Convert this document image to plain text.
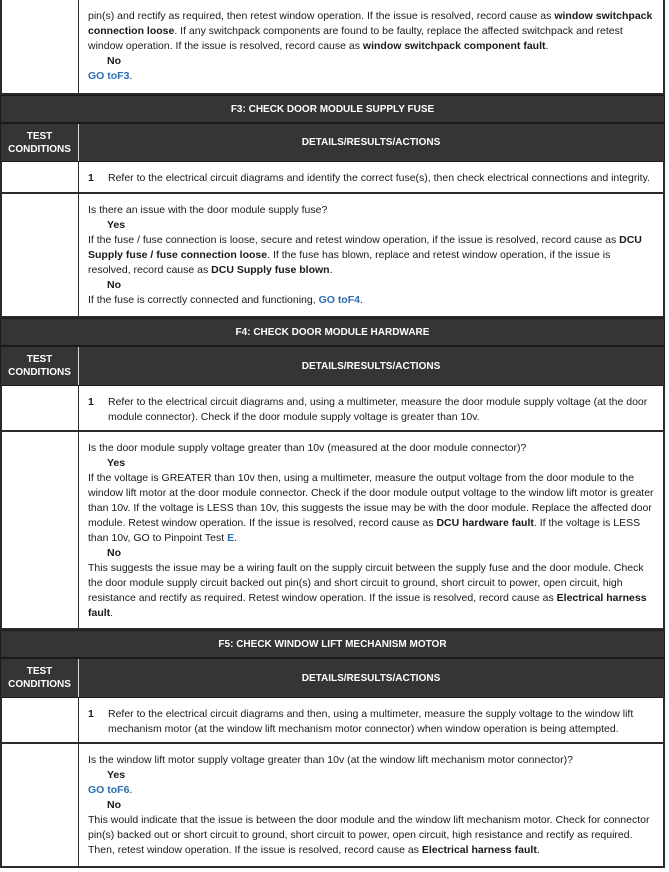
pin(s) and rectify as required, then retest window operation. If the issue is resolved, record cause as window switchpack connection loose. If any switchpack components are found to be faulty, replace the affected switchpack and retest window operation. If the issue is resolved, record cause as window switchpack component fault.

No

GO toF3.

F3: CHECK DOOR MODULE SUPPLY FUSE
TEST CONDITIONS
DETAILS/RESULTS/ACTIONS
1	Refer to the electrical circuit diagrams and identify the correct fuse(s), then check electrical connections and integrity.

Is there an issue with the door module supply fuse?

Yes

If the fuse / fuse connection is loose, secure and retest window operation, if the issue is resolved, record cause as DCU Supply fuse / fuse connection loose. If the fuse has blown, replace and retest window operation, if the issue is resolved, record cause as DCU Supply fuse blown.

No

If the fuse is correctly connected and functioning, GO toF4.

F4: CHECK DOOR MODULE HARDWARE
TEST CONDITIONS
DETAILS/RESULTS/ACTIONS
1	Refer to the electrical circuit diagrams and, using a multimeter, measure the door module supply voltage (at the door module connector). Check if the door module supply voltage is greater than 10v.

Is the door module supply voltage greater than 10v (measured at the door module connector)?

Yes

If the voltage is GREATER than 10v then, using a multimeter, measure the output voltage from the door module to the window lift motor at the door module connector. Check if the door module output voltage to the window lift motor is greater than 10v. If the voltage is LESS than 10v, this suggests the issue may be with the door module. Replace the affected door module. Retest window operation. If the issue is resolved, record cause as DCU hardware fault. If the voltage is LESS than 10v, GO to Pinpoint Test E.

No

This suggests the issue may be a wiring fault on the supply circuit between the supply fuse and the door module. Check the door module supply circuit backed out pin(s) and short circuit to ground, short circuit to power, open circuit, high resistance and rectify as required. Retest window operation. If the issue is resolved, record cause as Electrical harness fault.

F5: CHECK WINDOW LIFT MECHANISM MOTOR
TEST CONDITIONS
DETAILS/RESULTS/ACTIONS
1	Refer to the electrical circuit diagrams and then, using a multimeter, measure the supply voltage to the window lift mechanism motor (at the window lift mechanism motor connector) when window operation is being attempted.

Is the window lift motor supply voltage greater than 10v (at the window lift mechanism motor connector)?

Yes

GO toF6.

No

This would indicate that the issue is between the door module and the window lift mechanism motor. Check for connector pin(s) backed out or short circuit to ground, short circuit to power, open circuit, high resistance and rectify as required. Then, retest window operation. If the issue is resolved, record cause as Electrical harness fault.
